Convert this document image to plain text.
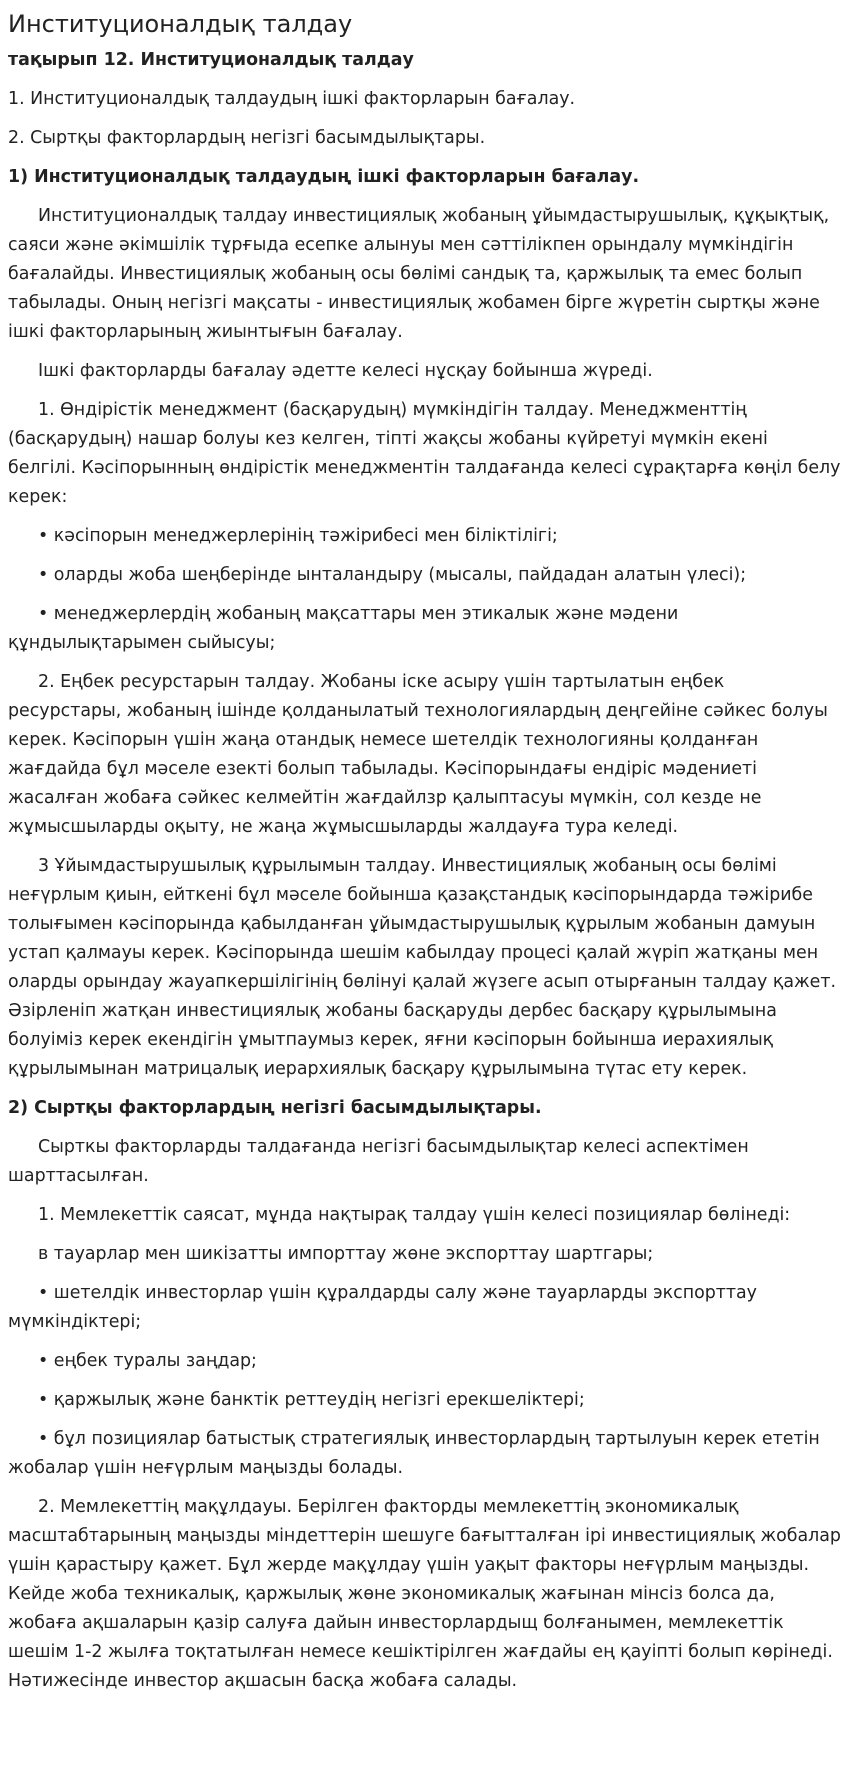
Институционалдық талдау

тақырып 12. Институционалдық талдау

1. Институционалдық талдаудың ішкі факторларын бағалау.

2. Сыртқы факторлардың негізгі басымдылықтары.

1) Институционалдық талдаудың ішкі факторларын бағалау.

Институционалдық талдау инвестициялық жобаның ұйымдастырушылық, құқықтық, саяси және әкімшілік тұрғыда есепке алынуы мен сәттілікпен орындалу мүмкіндігін бағалайды. Инвестициялық жобаның осы бөлімі сандық та, қаржылық та емес болып табылады. Оның негізгі мақсаты - инвестициялық жобамен бірге жүретін сыртқы және ішкі факторларының жиынтығын бағалау.

Ішкі факторларды бағалау әдетте келесі нұсқау бойынша жүреді.

1. Өндірістік менеджмент (басқарудың) мүмкіндігін талдау. Менеджменттің (басқарудың) нашар болуы кез келген, тіпті жақсы жобаны күйретуі мүмкін екені белгілі. Кәсіпорынның өндірістік менеджментін талдағанда келесі сұрақтарға көңіл белу керек:

• кәсіпорын менеджерлерінің тәжірибесі мен біліктілігі;

• оларды жоба шеңберінде ынталандыру (мысалы, пайдадан алатын үлесі);

• менеджерлердің жобаның мақсаттары мен этикалык және мәдени құндылықтарымен сыйысуы;

2. Еңбек ресурстарын талдау. Жобаны іске асыру үшін тартылатын еңбек ресурстары, жобаның ішінде қолданылатый технологиялардың деңгейіне сәйкес болуы керек. Кәсіпорын үшін жаңа отандық немесе шетелдік технологияны қолданған жағдайда бұл мәселе езекті болып табылады. Кәсіпорындағы ендіріс мәдениеті жасалған жобаға сәйкес келмейтін жағдайлзр қалыптасуы мүмкін, сол кезде не жұмысшыларды оқыту, не жаңа жұмысшыларды жалдауға тура келеді.

3 Ұйымдастырушылық құрылымын талдау. Инвестициялық жобаның осы бөлімі неғүрлым қиын, ейткені бұл мәселе бойынша қазақстандық кәсіпорындарда тәжірибе толығымен кәсіпорында қабылданған ұйымдастырушылық құрылым жобанын дамуын устап қалмауы керек. Кәсіпорында шешім кабылдау процесі қалай жүріп жатқаны мен оларды орындау жауапкершілігінің бөлінуі қалай жүзеге асып отырғанын талдау қажет. Әзірленіп жатқан инвестициялық жобаны басқаруды дербес басқару құрылымына болуіміз керек екендігін ұмытпаумыз керек, яғни кәсіпорын бойынша иерахиялық құрылымынан матрицалық иерархиялық басқару құрылымына түтас ету керек.

2) Сыртқы факторлардың негізгі басымдылықтары.

Сырткы факторларды талдағанда негізгі басымдылықтар келесі аспектімен шарттасылған.

1. Мемлекеттік саясат, мұнда нақтырақ талдау үшін келесі позициялар бөлінеді:

в тауарлар мен шикізатты импорттау жөне экспорттау шартгары;

• шетелдік инвесторлар үшін құралдарды салу және тауарларды экспорттау мүмкіндіктері;

• еңбек туралы заңдар;

• қаржылық және банктік реттеудің негізгі ерекшеліктері;

• бұл позициялар батыстық стратегиялық инвесторлардың тартылуын керек ететін жобалар үшін неғүрлым маңызды болады.

2. Мемлекеттің мақұлдауы. Берілген факторды мемлекеттің экономикалық масштабтарының маңызды міндеттерін шешуге бағытталған ірі инвестициялық жобалар үшін қарастыру қажет. Бұл жерде мақұлдау үшін уақыт факторы неғүрлым маңызды. Кейде жоба техникалық, қаржылық жөне экономикалық жағынан мінсіз болса да, жобаға ақшаларын қазір салуға дайын инвесторлардыщ болғанымен, мемлекеттік шешім 1-2 жылға тоқтатылған немесе кешіктірілген жағдайы ең қауіпті болып көрінеді. Нәтижесінде инвестор ақшасын басқа жобаға салады.
